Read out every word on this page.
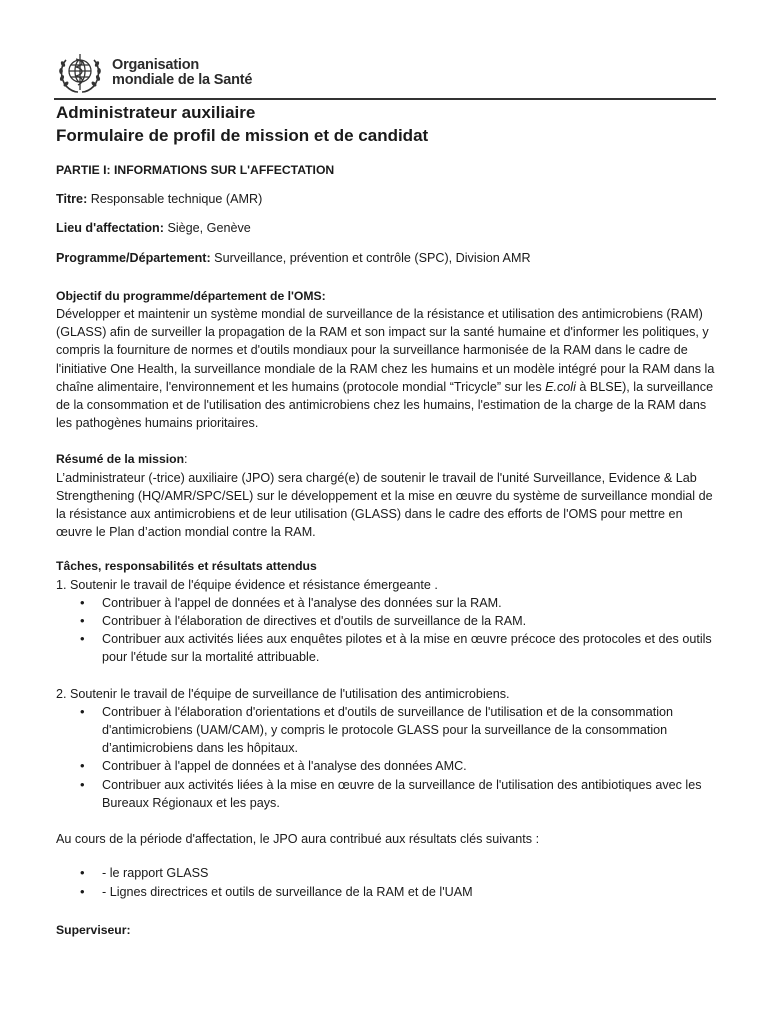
Organisation
mondiale de la Santé
Administrateur auxiliaire
Formulaire de profil de mission et de candidat
PARTIE I: INFORMATIONS SUR L'AFFECTATION
Titre: Responsable technique (AMR)
Lieu d'affectation: Siège, Genève
Programme/Département: Surveillance, prévention et contrôle (SPC), Division AMR
Objectif du programme/département de l'OMS:

Développer et maintenir un système mondial de surveillance de la résistance et utilisation des antimicrobiens (RAM) (GLASS) afin de surveiller la propagation de la RAM et son impact sur la santé humaine et d'informer les politiques, y compris la fourniture de normes et d'outils mondiaux pour la surveillance harmonisée de la RAM dans le cadre de l'initiative One Health, la surveillance mondiale de la RAM chez les humains et un modèle intégré pour la RAM dans la chaîne alimentaire, l'environnement et les humains (protocole mondial “Tricycle” sur les E.coli à BLSE), la surveillance de la consommation et de l'utilisation des antimicrobiens chez les humains, l'estimation de la charge de la RAM dans les pathogènes humains prioritaires.

Résumé de la mission:

L’administrateur (-trice) auxiliaire (JPO) sera chargé(e) de soutenir le travail de l'unité Surveillance, Evidence & Lab Strengthening (HQ/AMR/SPC/SEL) sur le développement et la mise en œuvre du système de surveillance mondial de la résistance aux antimicrobiens et de leur utilisation (GLASS) dans le cadre des efforts de l'OMS pour mettre en œuvre le Plan d’action mondial contre la RAM.

Tâches, responsabilités et résultats attendus

1. Soutenir le travail de l'équipe évidence et résistance émergeante .

• Contribuer à l'appel de données et à l'analyse des données sur la RAM.
• Contribuer à l'élaboration de directives et d'outils de surveillance de la RAM.
• Contribuer aux activités liées aux enquêtes pilotes et à la mise en œuvre précoce des protocoles et des outils pour l'étude sur la mortalité attribuable.

2. Soutenir le travail de l'équipe de surveillance de l'utilisation des antimicrobiens.

• Contribuer à l'élaboration d'orientations et d'outils de surveillance de l'utilisation et de la consommation d'antimicrobiens (UAM/CAM), y compris le protocole GLASS pour la surveillance de la consommation d’antimicrobiens dans les hôpitaux.
• Contribuer à l'appel de données et à l'analyse des données AMC.
• Contribuer aux activités liées à la mise en œuvre de la surveillance de l'utilisation des antibiotiques avec les Bureaux Régionaux et les pays.

Au cours de la période d'affectation, le JPO aura contribué aux résultats clés suivants :

• - le rapport GLASS
• - Lignes directrices et outils de surveillance de la RAM et de l'UAM
Superviseur:
